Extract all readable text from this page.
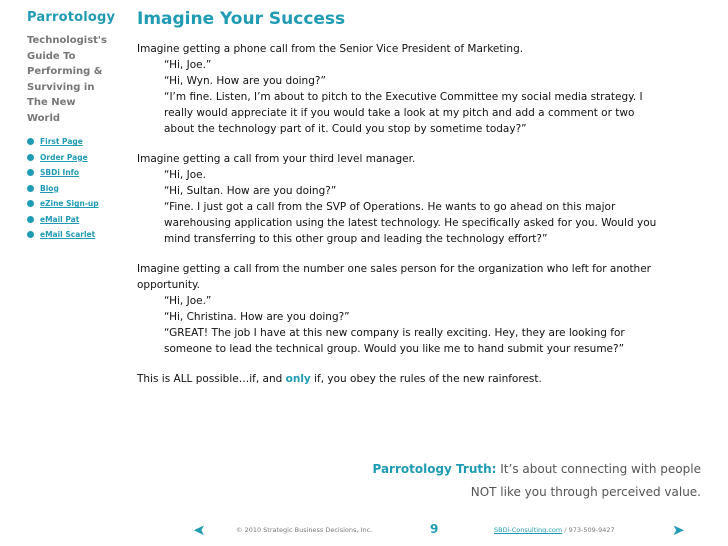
Parrotology
Technologist's
Guide To
Performing &
Surviving in
The New
World
First Page
Order Page
SBDi Info
Blog
eZine Sign-up
eMail Pat
eMail Scarlet
Imagine Your Success

Imagine getting a phone call from the Senior Vice President of Marketing.

“Hi, Joe.”

“Hi, Wyn. How are you doing?”

“I’m fine. Listen, I’m about to pitch to the Executive Committee my social media strategy. I

really would appreciate it if you would take a look at my pitch and add a comment or two

about the technology part of it. Could you stop by sometime today?”

Imagine getting a call from your third level manager.

“Hi, Joe.

“Hi, Sultan. How are you doing?”

“Fine. I just got a call from the SVP of Operations. He wants to go ahead on this major

warehousing application using the latest technology. He specifically asked for you. Would you

mind transferring to this other group and leading the technology effort?”

Imagine getting a call from the number one sales person for the organization who left for another

opportunity.

“Hi, Joe.”

“Hi, Christina. How are you doing?”

“GREAT! The job I have at this new company is really exciting. Hey, they are looking for

someone to lead the technical group. Would you like me to hand submit your resume?”

This is ALL possible…if, and only if, you obey the rules of the new rainforest.

Parrotology Truth: It’s about connecting with people
NOT like you through perceived value.
➤	© 2010 Strategic Business Decisions, Inc.	9	SBDi-Consulting.com / 973-509-9427	➤
